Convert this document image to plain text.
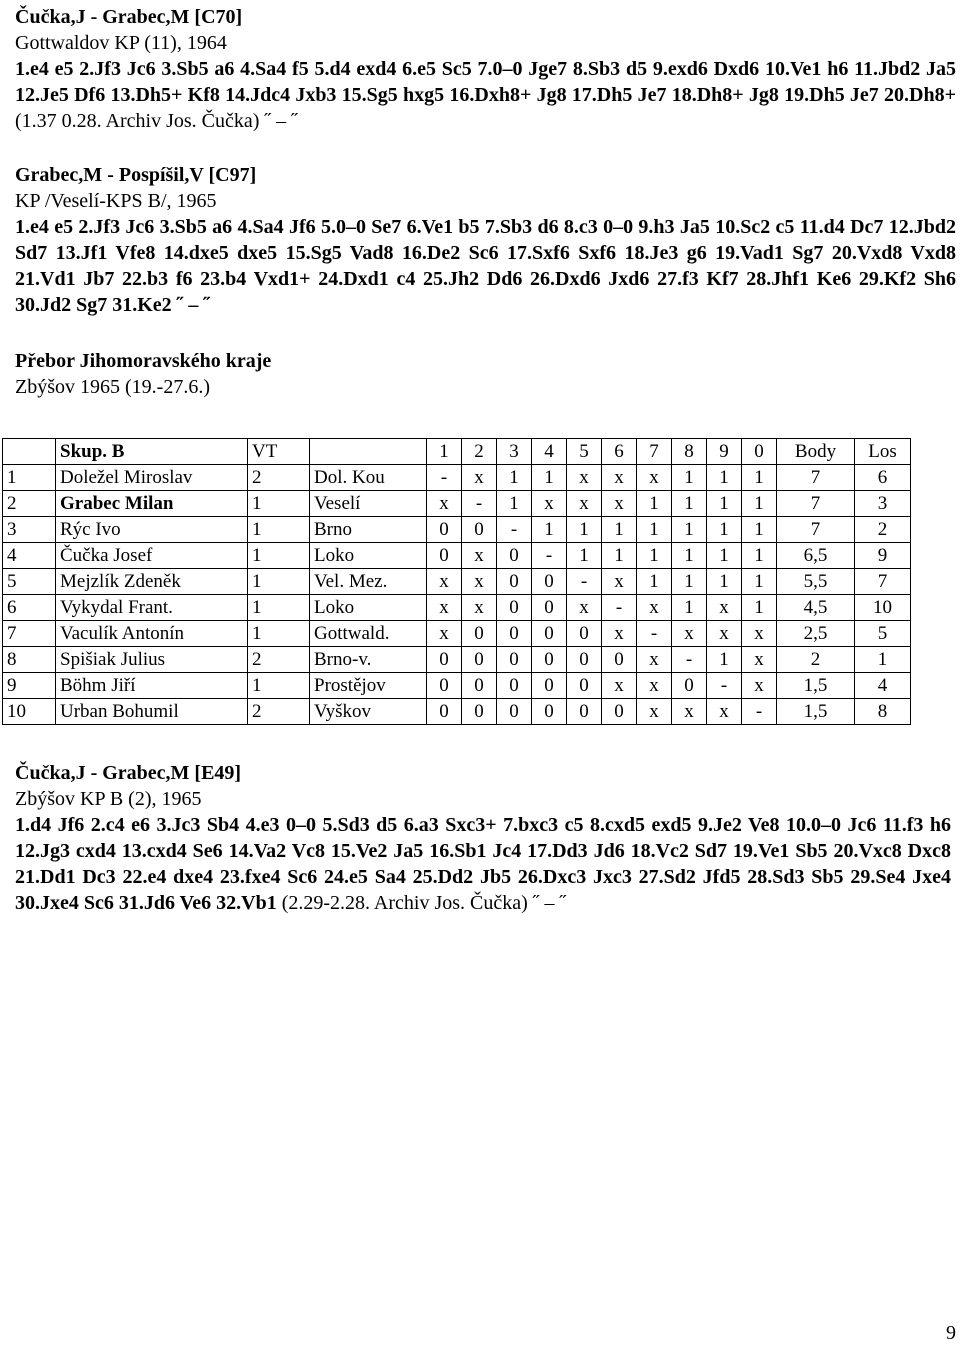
Čučka,J - Grabec,M [C70]
Gottwaldov KP (11), 1964
1.e4 e5 2.Jf3 Jc6 3.Sb5 a6 4.Sa4 f5 5.d4 exd4 6.e5 Sc5 7.0–0 Jge7 8.Sb3 d5 9.exd6 Dxd6 10.Ve1 h6 11.Jbd2 Ja5 12.Je5 Df6 13.Dh5+ Kf8 14.Jdc4 Jxb3 15.Sg5 hxg5 16.Dxh8+ Jg8 17.Dh5 Je7 18.Dh8+ Jg8 19.Dh5 Je7 20.Dh8+ (1.37 0.28. Archiv Jos. Čučka) ˝ – ˝
Grabec,M - Pospíšil,V [C97]
KP /Veselí-KPS B/, 1965
1.e4 e5 2.Jf3 Jc6 3.Sb5 a6 4.Sa4 Jf6 5.0–0 Se7 6.Ve1 b5 7.Sb3 d6 8.c3 0–0 9.h3 Ja5 10.Sc2 c5 11.d4 Dc7 12.Jbd2 Sd7 13.Jf1 Vfe8 14.dxe5 dxe5 15.Sg5 Vad8 16.De2 Sc6 17.Sxf6 Sxf6 18.Je3 g6 19.Vad1 Sg7 20.Vxd8 Vxd8 21.Vd1 Jb7 22.b3 f6 23.b4 Vxd1+ 24.Dxd1 c4 25.Jh2 Dd6 26.Dxd6 Jxd6 27.f3 Kf7 28.Jhf1 Ke6 29.Kf2 Sh6 30.Jd2 Sg7 31.Ke2 ˝ – ˝
Přebor Jihomoravského kraje
Zbýšov 1965 (19.-27.6.)
Čučka,J - Grabec,M [E49]
Zbýšov KP B (2), 1965
1.d4 Jf6 2.c4 e6 3.Jc3 Sb4 4.e3 0–0 5.Sd3 d5 6.a3 Sxc3+ 7.bxc3 c5 8.cxd5 exd5 9.Je2 Ve8 10.0–0 Jc6 11.f3 h6 12.Jg3 cxd4 13.cxd4 Se6 14.Va2 Vc8 15.Ve2 Ja5 16.Sb1 Jc4 17.Dd3 Jd6 18.Vc2 Sd7 19.Ve1 Sb5 20.Vxc8 Dxc8 21.Dd1 Dc3 22.e4 dxe4 23.fxe4 Sc6 24.e5 Sa4 25.Dd2 Jb5 26.Dxc3 Jxc3 27.Sd2 Jfd5 28.Sd3 Sb5 29.Se4 Jxe4 30.Jxe4 Sc6 31.Jd6 Ve6 32.Vb1 (2.29-2.28. Archiv Jos. Čučka) ˝ – ˝
	Skup. B	VT		1	2	3	4	5	6	7	8	9	0	Body	Los
1	Doležel Miroslav	2	Dol. Kou	-	x	1	1	x	x	x	1	1	1	7	6
2	Grabec Milan	1	Veselí	x	-	1	x	x	x	1	1	1	1	7	3
3	Rýc Ivo	1	Brno	0	0	-	1	1	1	1	1	1	1	7	2
4	Čučka Josef	1	Loko	0	x	0	-	1	1	1	1	1	1	6,5	9
5	Mejzlík Zdeněk	1	Vel. Mez.	x	x	0	0	-	x	1	1	1	1	5,5	7
6	Vykydal Frant.	1	Loko	x	x	0	0	x	-	x	1	x	1	4,5	10
7	Vaculík Antonín	1	Gottwald.	x	0	0	0	0	x	-	x	x	x	2,5	5
8	Spišiak Julius	2	Brno-v.	0	0	0	0	0	0	x	-	1	x	2	1
9	Böhm Jiří	1	Prostějov	0	0	0	0	0	x	x	0	-	x	1,5	4
10	Urban Bohumil	2	Vyškov	0	0	0	0	0	0	x	x	x	-	1,5	8
9
